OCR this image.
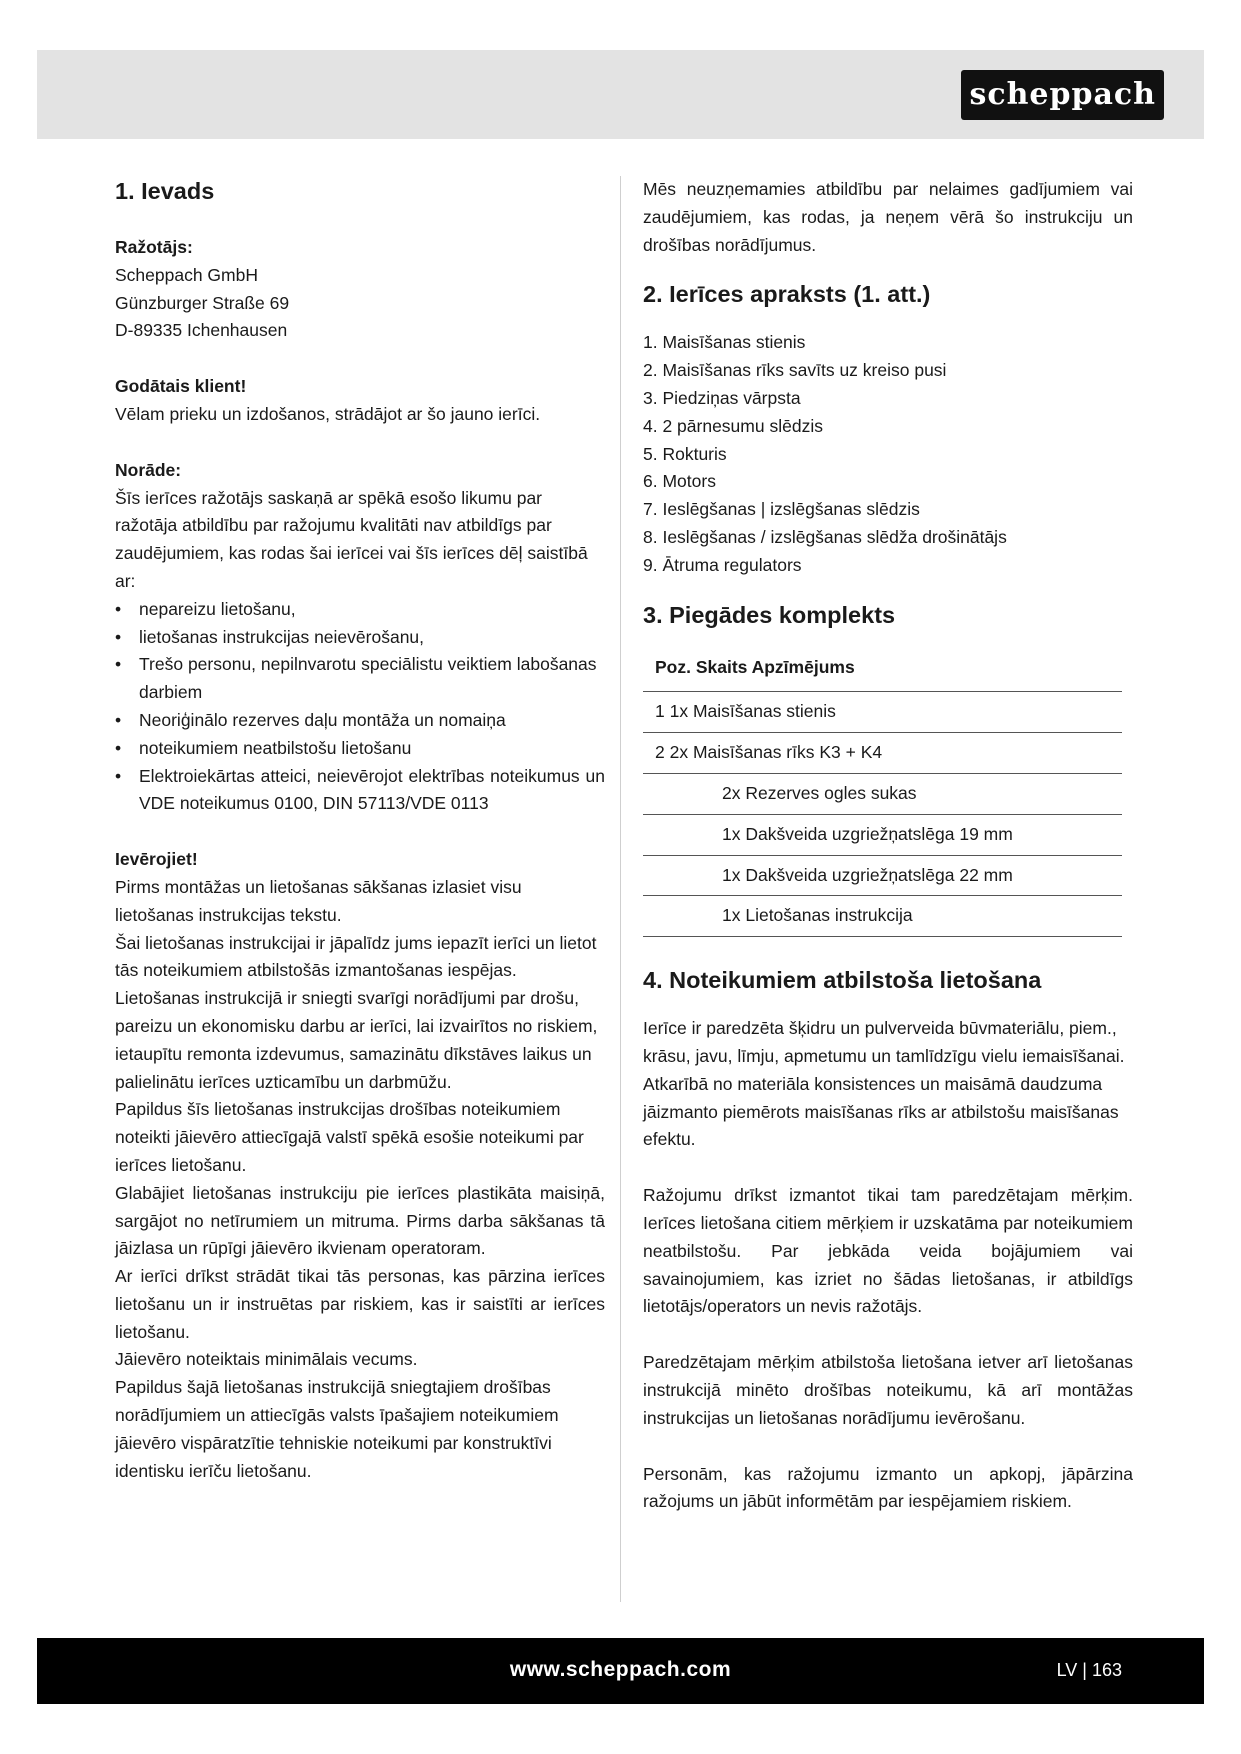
scheppach
1. Ievads

Ražotājs:

Scheppach GmbH

Günzburger Straße 69

D-89335 Ichenhausen

Godātais klient!

Vēlam prieku un izdošanos, strādājot ar šo jauno ierīci.

Norāde:

Šīs ierīces ražotājs saskaņā ar spēkā esošo likumu par ražotāja atbildību par ražojumu kvalitāti nav atbildīgs par zaudējumiem, kas rodas šai ierīcei vai šīs ierīces dēļ saistībā ar:

• nepareizu lietošanu,
• lietošanas instrukcijas neievērošanu,
• Trešo personu, nepilnvarotu speciālistu veiktiem labošanas darbiem
• Neoriģinālo rezerves daļu montāža un nomaiņa
• noteikumiem neatbilstošu lietošanu
• Elektroiekārtas atteici, neievērojot elektrības noteikumus un VDE noteikumus 0100, DIN 57113/VDE 0113

Ievērojiet!

Pirms montāžas un lietošanas sākšanas izlasiet visu lietošanas instrukcijas tekstu.

Šai lietošanas instrukcijai ir jāpalīdz jums iepazīt ierīci un lietot tās noteikumiem atbilstošās izmantošanas iespējas.

Lietošanas instrukcijā ir sniegti svarīgi norādījumi par drošu, pareizu un ekonomisku darbu ar ierīci, lai izvairītos no riskiem, ietaupītu remonta izdevumus, samazinātu dīkstāves laikus un palielinātu ierīces uzticamību un darbmūžu.

Papildus šīs lietošanas instrukcijas drošības noteikumiem noteikti jāievēro attiecīgajā valstī spēkā esošie noteikumi par ierīces lietošanu.

Glabājiet lietošanas instrukciju pie ierīces plastikāta maisiņā, sargājot no netīrumiem un mitruma. Pirms darba sākšanas tā jāizlasa un rūpīgi jāievēro ikvienam operatoram.

Ar ierīci drīkst strādāt tikai tās personas, kas pārzina ierīces lietošanu un ir instruētas par riskiem, kas ir saistīti ar ierīces lietošanu.

Jāievēro noteiktais minimālais vecums.

Papildus šajā lietošanas instrukcijā sniegtajiem drošības norādījumiem un attiecīgās valsts īpašajiem noteikumiem jāievēro vispāratzītie tehniskie noteikumi par konstruktīvi identisku ierīču lietošanu.

Mēs neuzņemamies atbildību par nelaimes gadījumiem vai zaudējumiem, kas rodas, ja neņem vērā šo instrukciju un drošības norādījumus.

2. Ierīces apraksts (1. att.)
1. Maisīšanas stienis
2. Maisīšanas rīks savīts uz kreiso pusi
3. Piedziņas vārpsta
4. 2 pārnesumu slēdzis
5. Rokturis
6. Motors
7. Ieslēgšanas | izslēgšanas slēdzis
8. Ieslēgšanas / izslēgšanas slēdža drošinātājs
9. Ātruma regulators
3. Piegādes komplekts
Poz. Skaits Apzīmējums
1 1x Maisīšanas stienis
2 2x Maisīšanas rīks K3 + K4
2x Rezerves ogles sukas
1x Dakšveida uzgriežņatslēga 19 mm
1x Dakšveida uzgriežņatslēga 22 mm
1x Lietošanas instrukcija
4. Noteikumiem atbilstoša lietošana

Ierīce ir paredzēta šķidru un pulverveida būvmateriālu, piem., krāsu, javu, līmju, apmetumu un tamlīdzīgu vielu iemaisīšanai. Atkarībā no materiāla konsistences un maisāmā daudzuma jāizmanto piemērots maisīšanas rīks ar atbilstošu maisīšanas efektu.

Ražojumu drīkst izmantot tikai tam paredzētajam mērķim. Ierīces lietošana citiem mērķiem ir uzskatāma par noteikumiem neatbilstošu. Par jebkāda veida bojājumiem vai savainojumiem, kas izriet no šādas lietošanas, ir atbildīgs lietotājs/operators un nevis ražotājs.

Paredzētajam mērķim atbilstoša lietošana ietver arī lietošanas instrukcijā minēto drošības noteikumu, kā arī montāžas instrukcijas un lietošanas norādījumu ievērošanu.

Personām, kas ražojumu izmanto un apkopj, jāpārzina ražojums un jābūt informētām par iespējamiem riskiem.

www.scheppach.com	LV | 163
